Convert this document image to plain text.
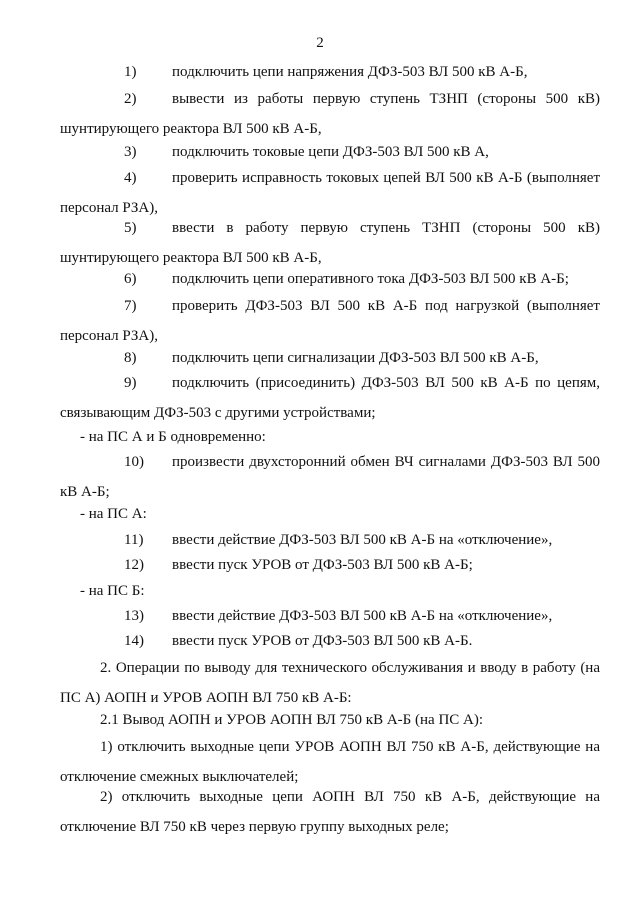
2
1)	подключить цепи напряжения ДФЗ-503 ВЛ 500 кВ А-Б,
2)	вывести из работы первую ступень ТЗНП (стороны 500 кВ)
шунтирующего реактора ВЛ 500 кВ А-Б,
3)	подключить токовые цепи ДФЗ-503 ВЛ 500 кВ А,
4)	проверить исправность токовых цепей ВЛ 500 кВ А-Б (выполняет
персонал РЗА),
5)	ввести в работу первую ступень ТЗНП (стороны 500 кВ)
шунтирующего реактора ВЛ 500 кВ А-Б,
6)	подключить цепи оперативного тока ДФЗ-503 ВЛ 500 кВ А-Б;
7)	проверить ДФЗ-503 ВЛ 500 кВ А-Б под нагрузкой (выполняет
персонал РЗА),
8)	подключить цепи сигнализации ДФЗ-503 ВЛ 500 кВ А-Б,
9)	подключить (присоединить) ДФЗ-503 ВЛ 500 кВ А-Б по цепям,
связывающим ДФЗ-503 с другими устройствами;
- на ПС А и Б одновременно:
10)	произвести двухсторонний обмен ВЧ сигналами ДФЗ-503 ВЛ 500
кВ А-Б;
- на ПС А:
11)	ввести действие ДФЗ-503 ВЛ 500 кВ А-Б на «отключение»,
12)	ввести пуск УРОВ от ДФЗ-503 ВЛ 500 кВ А-Б;
- на ПС Б:
13)	ввести действие ДФЗ-503 ВЛ 500 кВ А-Б на «отключение»,
14)	ввести пуск УРОВ от ДФЗ-503 ВЛ 500 кВ А-Б.
2. Операции по выводу для технического обслуживания и вводу в работу (на
ПС А) АОПН и УРОВ АОПН ВЛ 750 кВ А-Б:
2.1 Вывод АОПН и УРОВ АОПН ВЛ 750 кВ А-Б (на ПС А):
1) отключить выходные цепи УРОВ АОПН ВЛ 750 кВ А-Б, действующие на
отключение смежных выключателей;
2) отключить выходные цепи АОПН ВЛ 750 кВ А-Б, действующие на
отключение ВЛ 750 кВ через первую группу выходных реле;
